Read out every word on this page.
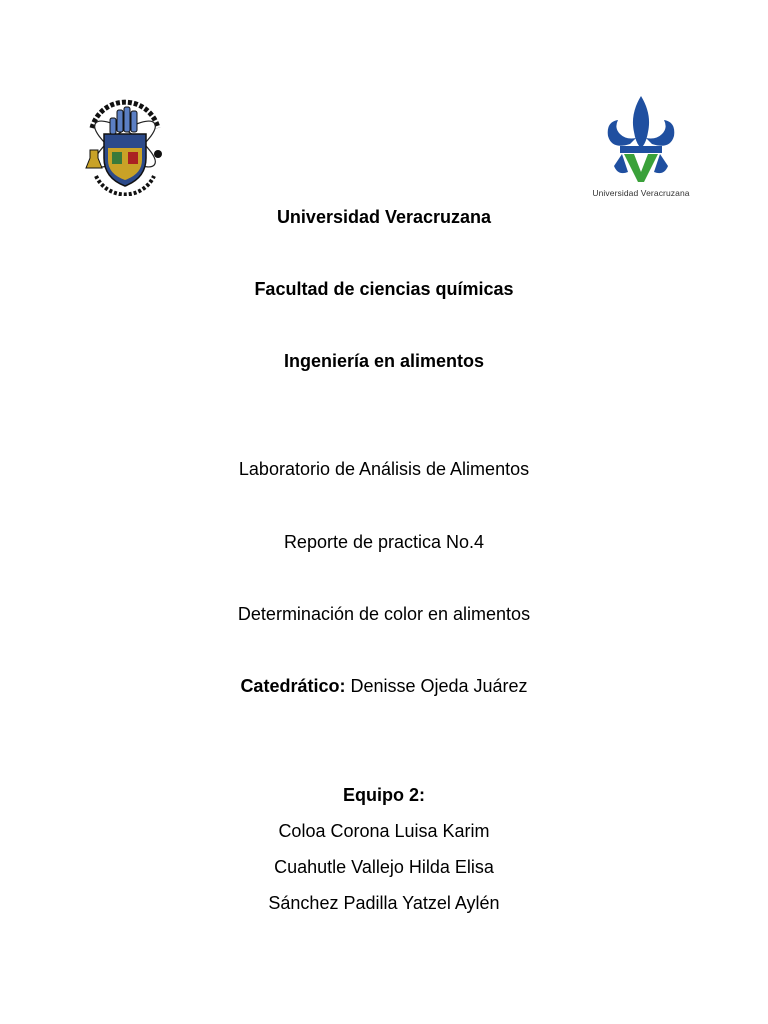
Universidad Veracruzana
Universidad Veracruzana
Facultad de ciencias químicas
Ingeniería en alimentos
Laboratorio de Análisis de Alimentos
Reporte de practica No.4
Determinación de color en alimentos
Catedrático: Denisse Ojeda Juárez
Equipo 2:
Coloa Corona Luisa Karim
Cuahutle Vallejo Hilda Elisa
Sánchez Padilla Yatzel Aylén
